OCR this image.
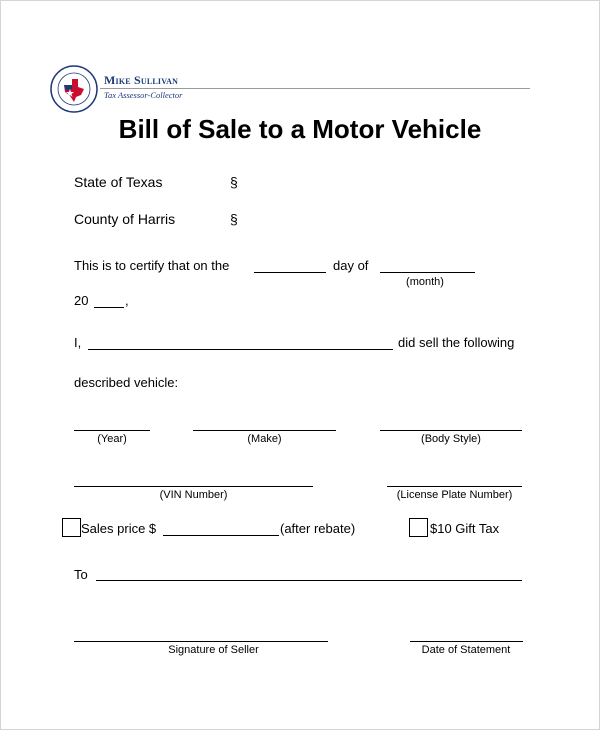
Mike Sullivan
Tax Assessor-Collector
Bill of Sale to a Motor Vehicle
State of Texas	§
County of Harris	§
This is to certify that on the	day of
(month)
20	,
I,	did sell the following
described vehicle:
(Year)	(Make)	(Body Style)
(VIN Number)	(License Plate Number)
Sales price $	(after rebate)	$10 Gift Tax
To
Signature of Seller	Date of Statement
